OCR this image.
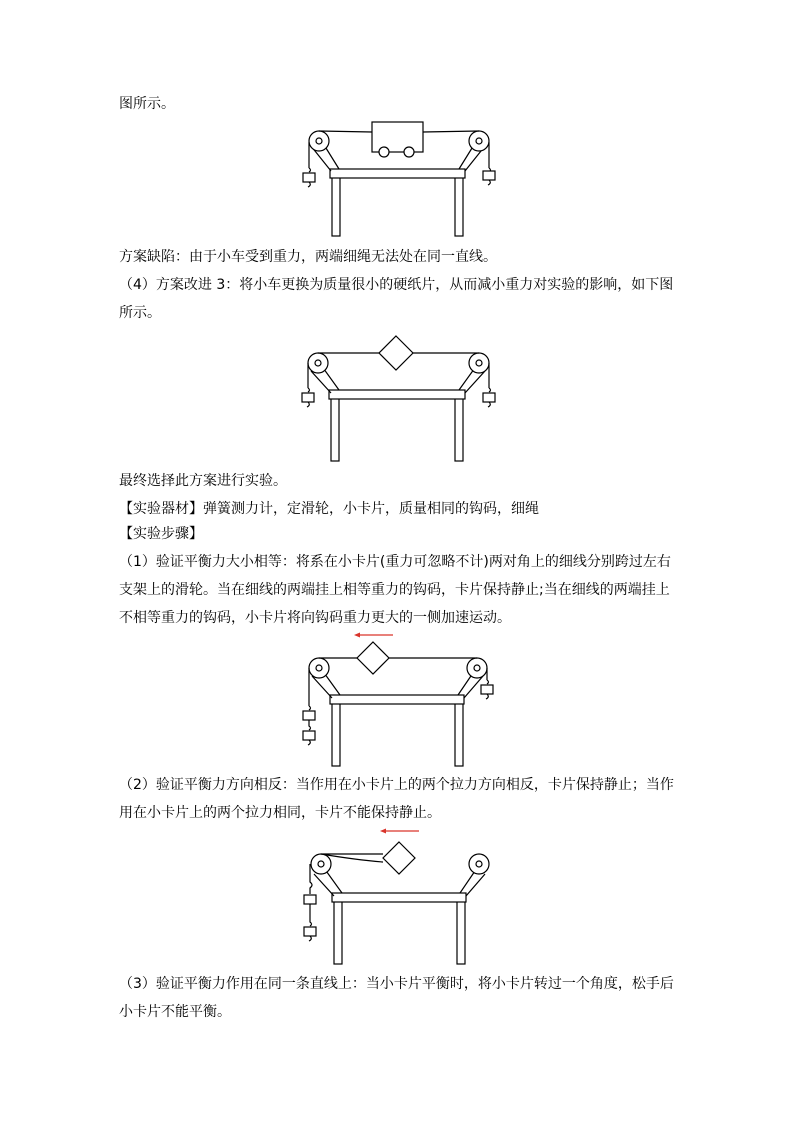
图所示。
方案缺陷：由于小车受到重力，两端细绳无法处在同一直线。
（4）方案改进 3：将小车更换为质量很小的硬纸片，从而减小重力对实验的影响，如下图
所示。
最终选择此方案进行实验。
【实验器材】弹簧测力计，定滑轮，小卡片，质量相同的钩码，细绳
【实验步骤】
（1）验证平衡力大小相等：将系在小卡片(重力可忽略不计)两对角上的细线分别跨过左右
支架上的滑轮。当在细线的两端挂上相等重力的钩码，卡片保持静止;当在细线的两端挂上
不相等重力的钩码，小卡片将向钩码重力更大的一侧加速运动。
（2）验证平衡力方向相反：当作用在小卡片上的两个拉力方向相反，卡片保持静止；当作
用在小卡片上的两个拉力相同，卡片不能保持静止。
（3）验证平衡力作用在同一条直线上：当小卡片平衡时，将小卡片转过一个角度，松手后
小卡片不能平衡。
